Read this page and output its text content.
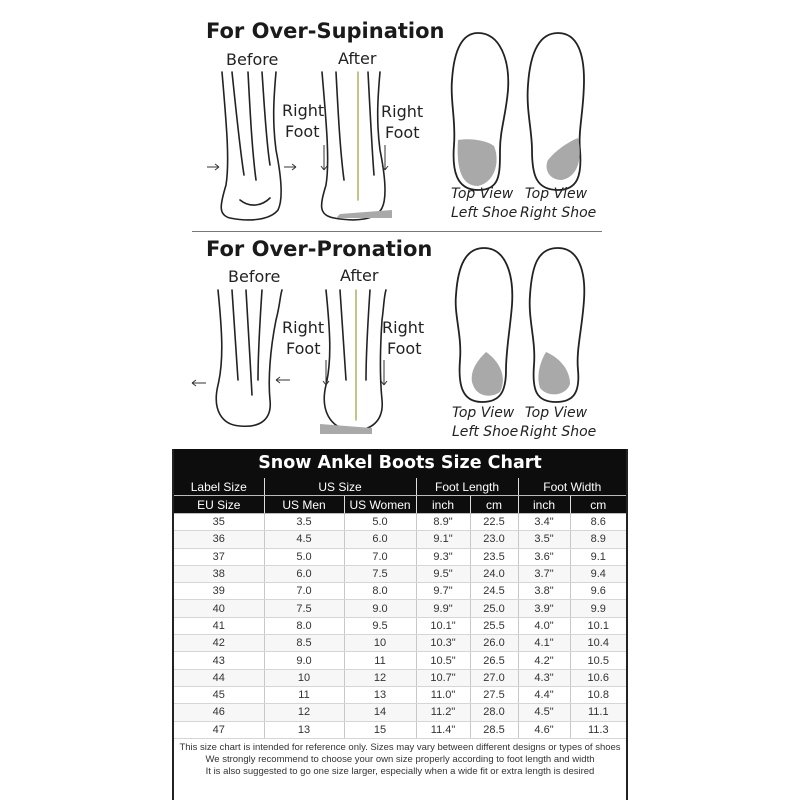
For Over-Supination
Before	After
Right
Foot
Right
Foot
Top View
Left Shoe
Top View
Right Shoe
For Over-Pronation
Before	After
Right
Foot
Right
Foot
Top View
Left Shoe
Top View
Right Shoe
Snow Ankel Boots Size Chart
Label Size	US Size		Foot Length		Foot Width	
EU Size	US Men	US Women	inch	cm	inch	cm
35	3.5	5.0	8.9"	22.5	3.4"	8.6
36	4.5	6.0	9.1"	23.0	3.5"	8.9
37	5.0	7.0	9.3"	23.5	3.6"	9.1
38	6.0	7.5	9.5"	24.0	3.7"	9.4
39	7.0	8.0	9.7"	24.5	3.8"	9.6
40	7.5	9.0	9.9"	25.0	3.9"	9.9
41	8.0	9.5	10.1"	25.5	4.0"	10.1
42	8.5	10	10.3"	26.0	4.1"	10.4
43	9.0	11	10.5"	26.5	4.2"	10.5
44	10	12	10.7"	27.0	4.3"	10.6
45	11	13	11.0"	27.5	4.4"	10.8
46	12	14	11.2"	28.0	4.5"	11.1
47	13	15	11.4"	28.5	4.6"	11.3
This size chart is intended for reference only. Sizes may vary between different designs or types of shoes
We strongly recommend to choose your own size properly according to foot length and width
It is also suggested to go one size larger, especially when a wide fit or extra length is desired
